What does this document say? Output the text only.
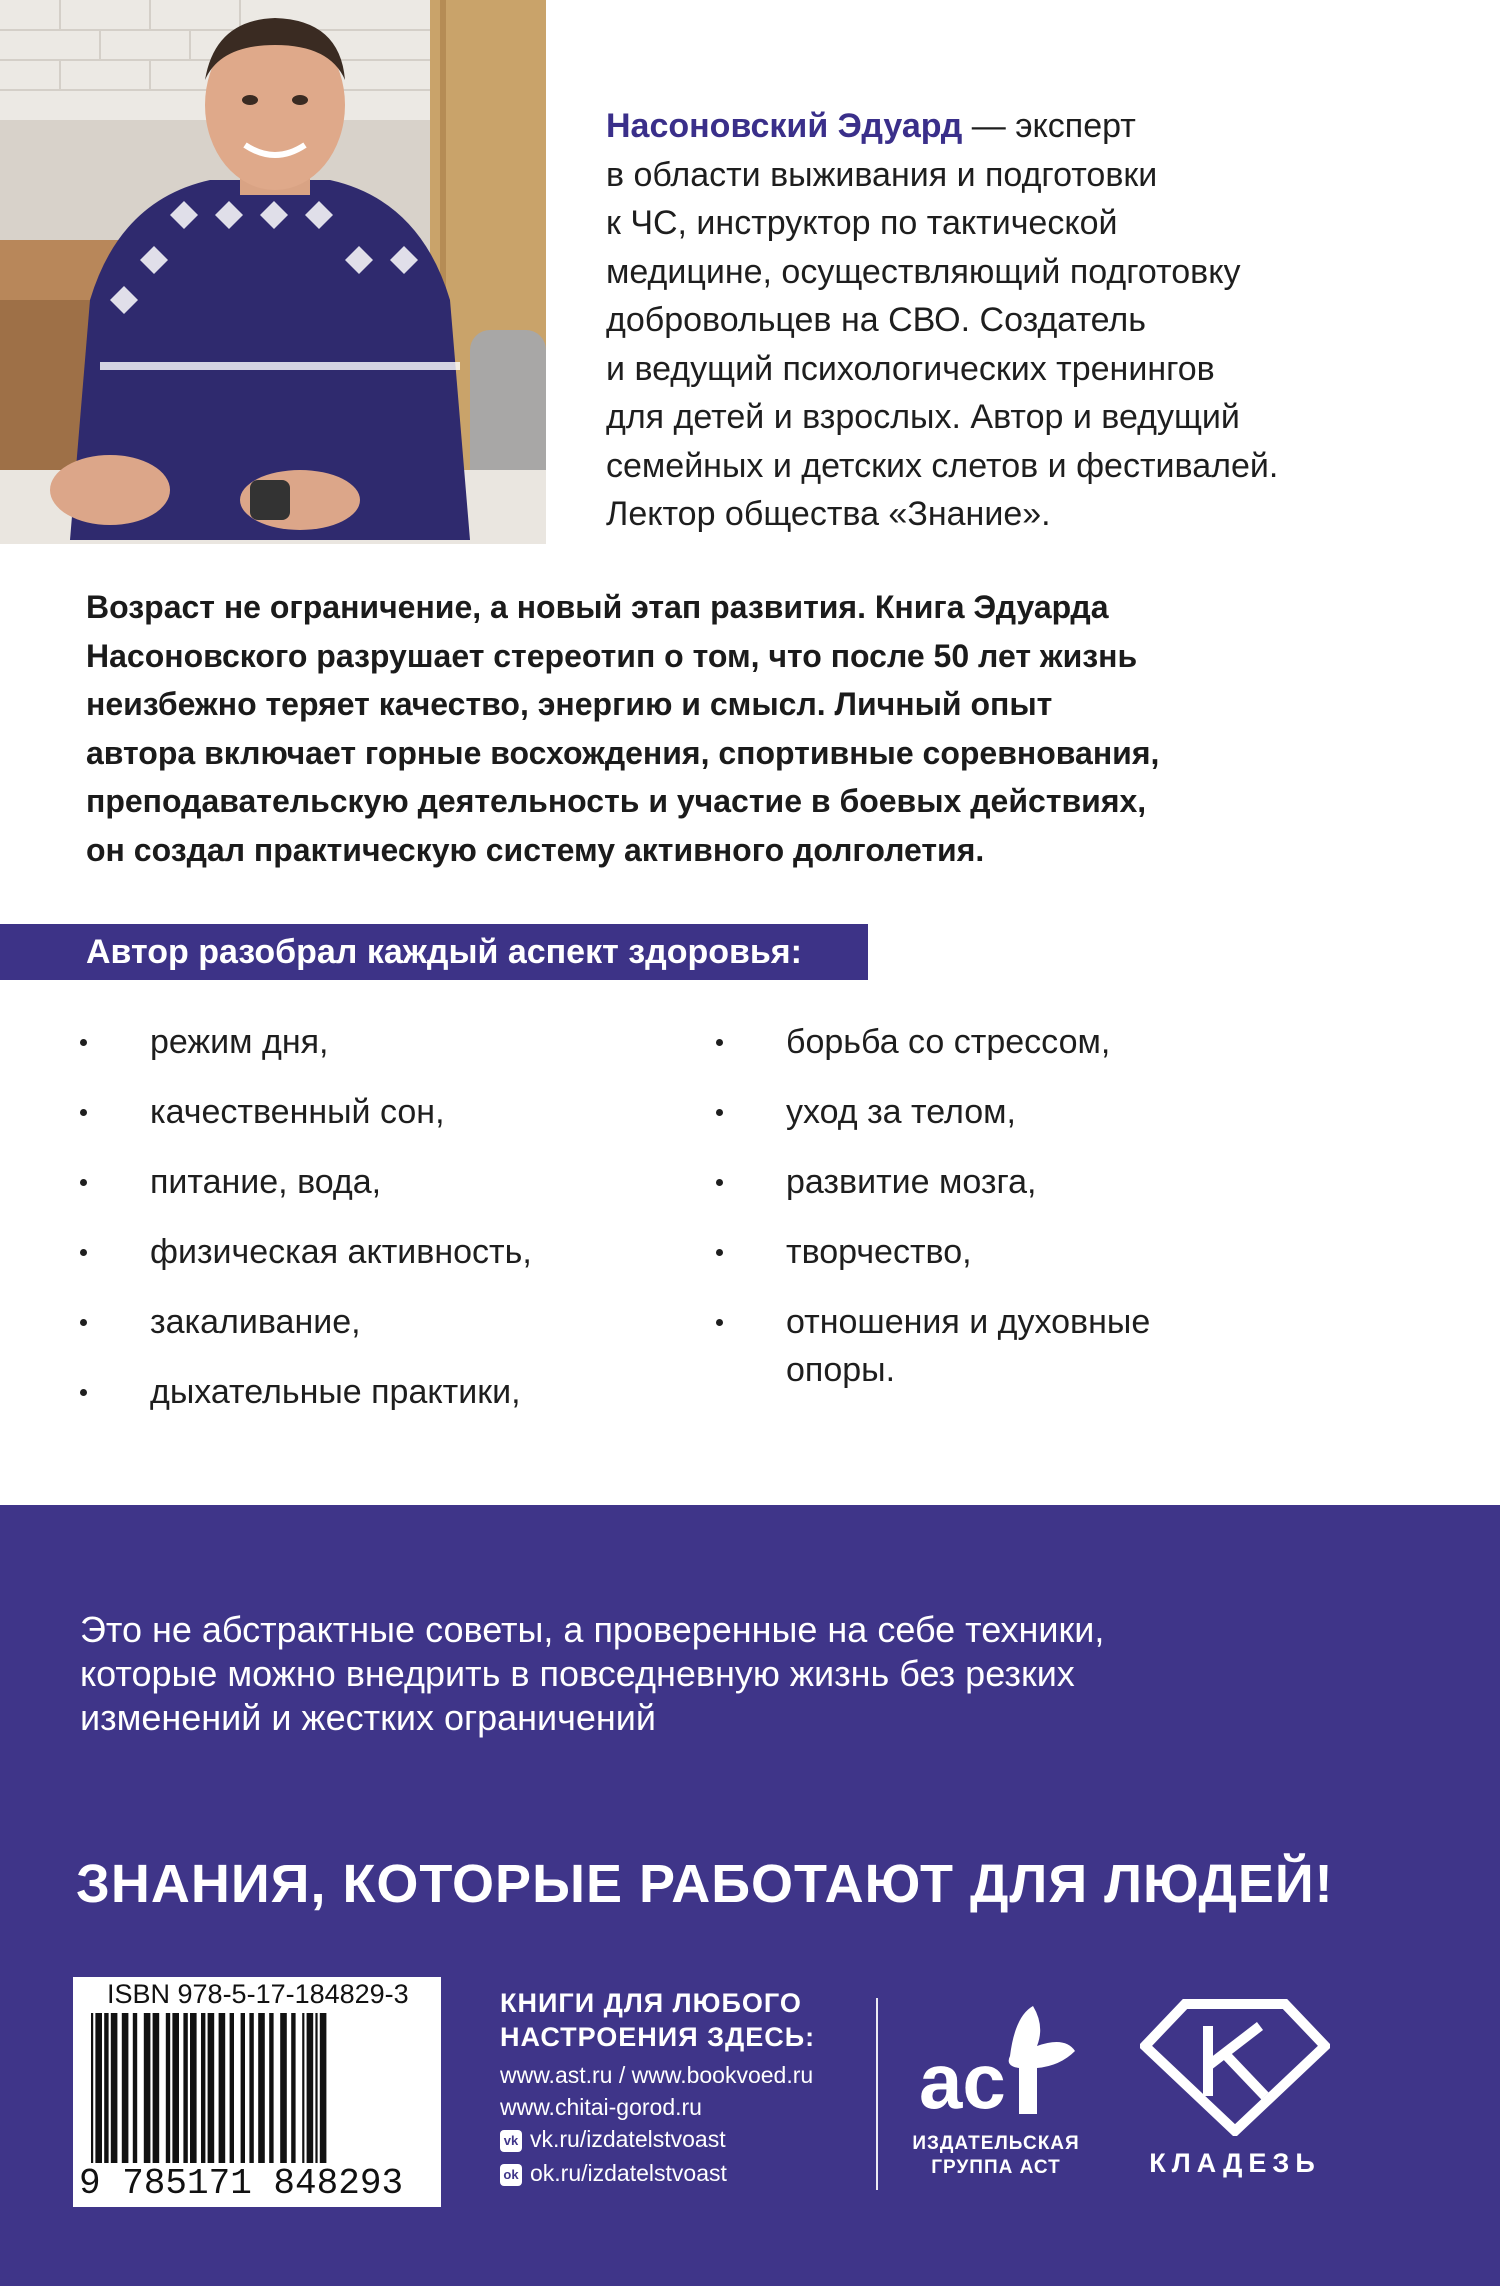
Насоновский Эдуард — эксперт
в области выживания и подготовки
к ЧС, инструктор по тактической
медицине, осуществляющий подготовку
добровольцев на СВО. Создатель
и ведущий психологических тренингов
для детей и взрослых. Автор и ведущий
семейных и детских слетов и фестивалей.
Лектор общества «Знание».
Возраст не ограничение, а новый этап развития. Книга Эдуарда
Насоновского разрушает стереотип о том, что после 50 лет жизнь
неизбежно теряет качество, энергию и смысл. Личный опыт
автора включает горные восхождения, спортивные соревнования,
преподавательскую деятельность и участие в боевых действиях,
он создал практическую систему активного долголетия.
Автор разобрал каждый аспект здоровья:
режим дня,
качественный сон,
питание, вода,
физическая активность,
закаливание,
дыхательные практики,
борьба со стрессом,
уход за телом,
развитие мозга,
творчество,
отношения и духовные опоры.
Это не абстрактные советы, а проверенные на себе техники,
которые можно внедрить в повседневную жизнь без резких
изменений и жестких ограничений
ЗНАНИЯ, КОТОРЫЕ РАБОТАЮТ ДЛЯ ЛЮДЕЙ!
ISBN 978-5-17-184829-3
9 785171 848293
КНИГИ ДЛЯ ЛЮБОГО
НАСТРОЕНИЯ ЗДЕСЬ:
www.ast.ru / www.bookvoed.ru
www.chitai-gorod.ru
vk vk.ru/izdatelstvoast
ok ok.ru/izdatelstvoast
ac
ИЗДАТЕЛЬСКАЯ
ГРУППА АСТ	КЛАДЕЗЬ
